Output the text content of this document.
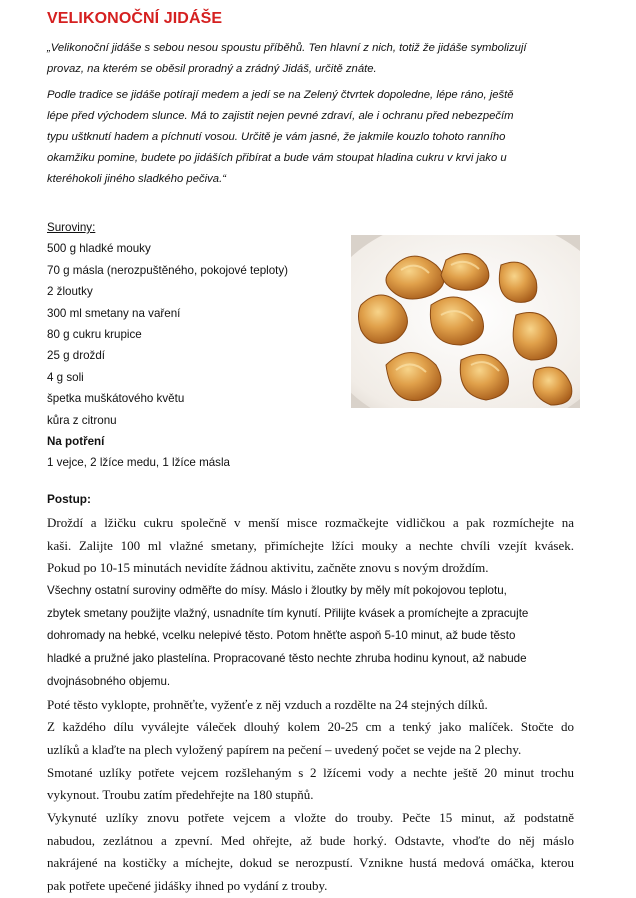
VELIKONOČNÍ JIDÁŠE
„Velikonoční jidáše s sebou nesou spoustu příběhů. Ten hlavní z nich, totiž že jidáše symbolizují
provaz, na kterém se oběsil proradný a zrádný Jidáš, určitě znáte.
Podle tradice se jidáše potírají medem a jedí se na Zelený čtvrtek dopoledne, lépe ráno, ještě
lépe před východem slunce. Má to zajistit nejen pevné zdraví, ale i ochranu před nebezpečím
typu uštknutí hadem a píchnutí vosou. Určitě je vám jasné, že jakmile kouzlo tohoto ranního
okamžiku pomine, budete po jidáších přibírat a bude vám stoupat hladina cukru v krvi jako u
kteréhokoli jiného sladkého pečiva.“
Suroviny:
500 g hladké mouky
70 g másla (nerozpuštěného, pokojové teploty)
2 žloutky
300 ml smetany na vaření
80 g cukru krupice
25 g droždí
4 g soli
špetka muškátového květu
kůra z citronu
Na potření
1 vejce, 2 lžíce medu, 1 lžíce másla
Postup:
Droždí a lžičku cukru společně v menší misce rozmačkejte vidličkou a pak rozmíchejte na
kaši. Zalijte 100 ml vlažné smetany, přimíchejte lžíci mouky a nechte chvíli vzejít kvásek.
Pokud po 10-15 minutách nevidíte žádnou aktivitu, začněte znovu s novým droždím.
Všechny ostatní suroviny odměřte do mísy. Máslo i žloutky by měly mít pokojovou teplotu,
zbytek smetany použijte vlažný, usnadníte tím kynutí. Přilijte kvásek a promíchejte a zpracujte
dohromady na hebké, vcelku nelepivé těsto. Potom hněťte aspoň 5-10 minut, až bude těsto
hladké a pružné jako plastelína. Propracované těsto nechte zhruba hodinu kynout, až nabude
dvojnásobného objemu.
Poté těsto vyklopte, prohněťte, vyženťe z něj vzduch a rozdělte na 24 stejných dílků.
Z každého dílu vyválejte váleček dlouhý kolem 20-25 cm a tenký jako malíček. Stočte do
uzlíků a klaďte na plech vyložený papírem na pečení – uvedený počet se vejde na 2 plechy.
Smotané uzlíky potřete vejcem rozšlehaným s 2 lžícemi vody a nechte ještě 20 minut trochu
vykynout. Troubu zatím předehřejte na 180 stupňů.
Vykynuté uzlíky znovu potřete vejcem a vložte do trouby. Pečte 15 minut, až podstatně
nabudou, zezlátnou a zpevní. Med ohřejte, až bude horký. Odstavte, vhoďte do něj máslo
nakrájené na kostičky a míchejte, dokud se nerozpustí. Vznikne hustá medová omáčka, kterou
pak potřete upečené jidášky ihned po vydání z trouby.
